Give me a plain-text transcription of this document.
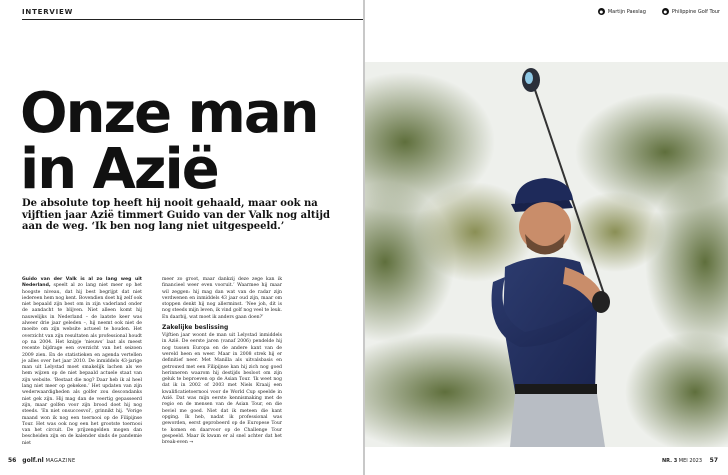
INTERVIEW
Onze man
in Azië

De absolute top heeft hij nooit gehaald, maar ook na vijftien jaar Azië timmert Guido van der Valk nog altijd aan de weg. ‘Ik ben nog lang niet uitgespeeld.’

Guido van der Valk is al zo lang weg uit Nederland, speelt al zo lang niet meer op het hoogste niveau, dat hij best begrijpt dat niet iedereen hem nog kent. Bovendien doet hij zelf ook niet bepaald zijn best om in zijn vaderland onder de aandacht te blijven. Niet alleen komt hij nauwelijks in Nederland – de laatste keer was alweer drie jaar geleden –, hij neemt ook niet de moeite om zijn website actueel te houden. Het overzicht van zijn resultaten als professional houdt op na 2004. Het knipje ‘nieuws’ laat als meest recente bijdrage een overzicht van het seizoen 2009 zien. En de statistieken en agenda vertellen je alles over het jaar 2010. De inmiddels 43-jarige man uit Lelystad moet smakelijk lachen als we hem wijzen op de niet bepaald actuele staat van zijn website. ‘Bestaat die nog? Daar heb ik al heel lang niet meer op gekeken.’ Het updaten van zijn wederwaardigheden als golfer zou descondanks niet gek zijn. Hij mag dan de veertig gepasseerd zijn, maar golfen voor zijn brood doet hij nog steeds. ‘En niet onsuccesvol’, grinnikt hij. ‘Vorige maand won ik nog een toernooi op de Filipijnse Tour. Het was ook nog een het grootste toernooi van het circuit. De prijzengelden mogen dan bescheiden zijn en de kalender sinds de pandemie niet

meer zo groot, maar dankzij deze zege kan ik financieel weer even vooruit.’ Waarmee hij maar wil zeggen: hij mag dan wat van de radar zijn verdwenen en inmiddels 43 jaar oud zijn, maar om stoppen denkt hij nog allerminst. ‘Nee joh, dit is nog steeds mijn leven, ik vind golf nog veel te leuk. En daarbij, wat moet ik anders gaan doen?’

Zakelijke beslissing

Vijftien jaar woont de man uit Lelystad inmiddels in Azië. De eerste jaren (vanaf 2006) pendelde hij nog tussen Europa en de andere kant van de wereld heen en weer. Maar in 2008 strek hij er definitief neer. Met Manilla als uitvalsbasis en getrouwd met een Filipijnse kan hij zich nog goed herinneren waarom hij destijds besloot om zijn geluk te beproeven op de Asian Tour. ‘Ik weet nog dat ik in 2002 of 2003 met Niels Kraaij een kwalificatietoernooi voor de World Cup speelde in Azië. Dat was mijn eerste kennismaking met de regio en de mensen van de Asian Tour, en die beviel me goed. Niet dat ik meteen die kant opging. Ik heb, nadat ik professional was geworden, eerst geprobeerd op de Europese Tour te komen en daarvoor op de Challenge Tour gespeeld. Maar ik kwam er al snel achter dat het break-even →

56 golf.nl MAGAZINE
● Martijn Paeslag	● Philippine Golf Tour
NR. 3 MEI 2023 57
